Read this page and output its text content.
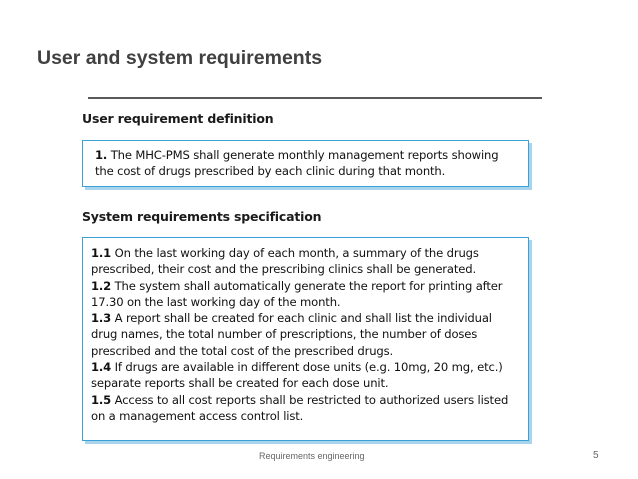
User and system requirements
User requirement definition

1. The MHC-PMS shall generate monthly management reports showing the cost of drugs prescribed by each clinic during that month.

System requirements specification

1.1 On the last working day of each month, a summary of the drugs prescribed, their cost and the prescribing clinics shall be generated.
1.2 The system shall automatically generate the report for printing after 17.30 on the last working day of the month.
1.3 A report shall be created for each clinic and shall list the individual drug names, the total number of prescriptions, the number of doses prescribed and the total cost of the prescribed drugs.
1.4 If drugs are available in different dose units (e.g. 10mg, 20 mg, etc.) separate reports shall be created for each dose unit.
1.5 Access to all cost reports shall be restricted to authorized users listed on a management access control list.

Requirements engineering	5
